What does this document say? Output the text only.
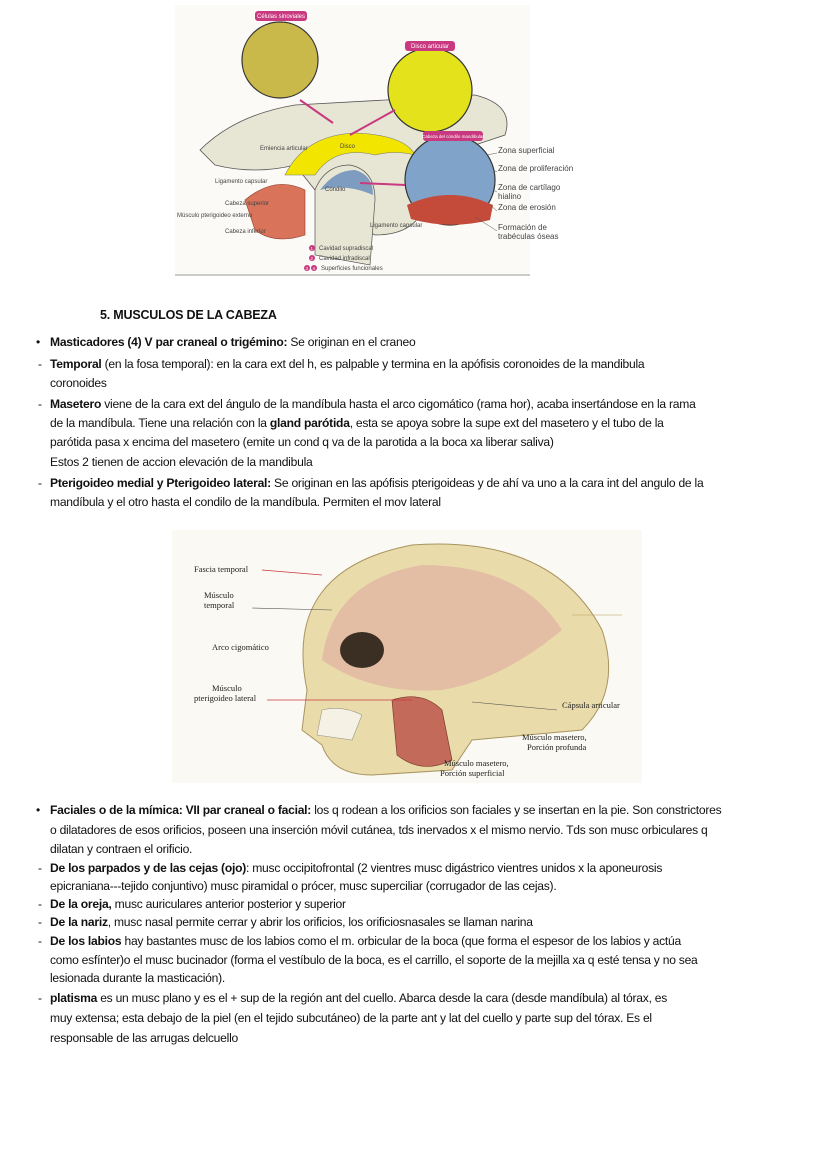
Células sinoviales
Disco articular
Cabeza del cóndilo mandibular
Emiencia articular	Disco
Cóndilo
Ligamento capsular
Ligamento capsular
Músculo pterigoideo externo
Cabeza superior
Cabeza inferior
1 Cavidad supradiscal
2 Cavidad infradiscal
3 4 Superficies funcionales
Zona superficial
Zona de proliferación
Zona de cartílago hialino
Zona de erosión
Formación de trabéculas óseas
5. MUSCULOS DE LA CABEZA
• Masticadores (4) V par craneal o trigémino: Se originan en el craneo
- Temporal (en la fosa temporal): en la cara ext del h, es palpable y termina en la apófisis coronoides de la mandibula
coronoides
- Masetero viene de la cara ext del ángulo de la mandíbula hasta el arco cigomático (rama hor), acaba insertándose en la rama
de la mandíbula. Tiene una relación con la gland parótida, esta se apoya sobre la supe ext del masetero y el tubo de la
parótida pasa x encima del masetero (emite un cond q va de la parotida a la boca xa liberar saliva)
Estos 2 tienen de accion elevación de la mandibula
- Pterigoideo medial y Pterigoideo lateral: Se originan en las apófisis pterigoideas y de ahí va uno a la cara int del angulo de la
mandíbula y el otro hasta el condilo de la mandíbula. Permiten el mov lateral
Fascia temporal
Músculo
temporal
Arco cigomático
Músculo
pterigoideo lateral
Cápsula articular
Músculo masetero,
Porción profunda
Músculo masetero,
Porción superficial
• Faciales o de la mímica: VII par craneal o facial: los q rodean a los orificios son faciales y se insertan en la pie. Son constrictores
o dilatadores de esos orificios, poseen una inserción móvil cutánea, tds inervados x el mismo nervio. Tds son musc orbiculares q
dilatan y contraen el orificio.
- De los parpados y de las cejas (ojo): musc occipitofrontal (2 vientres musc digástrico vientres unidos x la aponeurosis
epicraniana---tejido conjuntivo) musc piramidal o prócer, musc superciliar (corrugador de las cejas).
- De la oreja, musc auriculares anterior posterior y superior
- De la nariz, musc nasal permite cerrar y abrir los orificios, los orificiosnasales se llaman narina
- De los labios hay bastantes musc de los labios como el m. orbicular de la boca (que forma el espesor de los labios y actúa
como esfínter)o el musc bucinador (forma el vestíbulo de la boca, es el carrillo, el soporte de la mejilla xa q esté tensa y no sea
lesionada durante la masticación).
- platisma es un musc plano y es el + sup de la región ant del cuello. Abarca desde la cara (desde mandíbula) al tórax, es
muy extensa; esta debajo de la piel (en el tejido subcutáneo) de la parte ant y lat del cuello y parte sup del tórax. Es el
responsable de las arrugas delcuello
